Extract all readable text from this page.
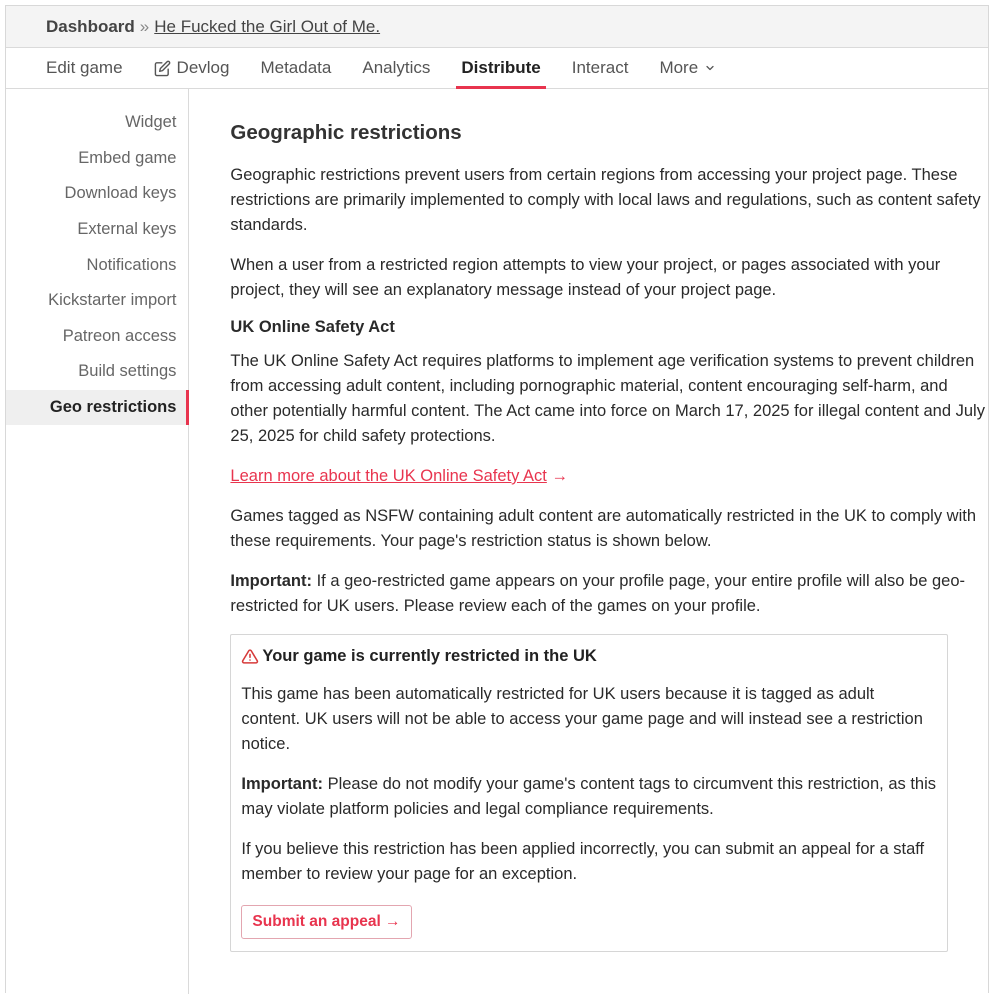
Dashboard » He Fucked the Girl Out of Me.
Edit game	Devlog Metadata Analytics Distribute Interact More
Widget
Embed game
Download keys
External keys
Notifications
Kickstarter import
Patreon access
Build settings
Geo restrictions
Geographic restrictions

Geographic restrictions prevent users from certain regions from accessing your project page. These restrictions are primarily implemented to comply with local laws and regulations, such as content safety standards.

When a user from a restricted region attempts to view your project, or pages associated with your project, they will see an explanatory message instead of your project page.

UK Online Safety Act

The UK Online Safety Act requires platforms to implement age verification systems to prevent children from accessing adult content, including pornographic material, content encouraging self-harm, and other potentially harmful content. The Act came into force on March 17, 2025 for illegal content and July 25, 2025 for child safety protections.

Learn more about the UK Online Safety Act →

Games tagged as NSFW containing adult content are automatically restricted in the UK to comply with these requirements. Your page's restriction status is shown below.

Important: If a geo-restricted game appears on your profile page, your entire profile will also be geo-restricted for UK users. Please review each of the games on your profile.

Your game is currently restricted in the UK

This game has been automatically restricted for UK users because it is tagged as adult content. UK users will not be able to access your game page and will instead see a restriction notice.

Important: Please do not modify your game's content tags to circumvent this restriction, as this may violate platform policies and legal compliance requirements.

If you believe this restriction has been applied incorrectly, you can submit an appeal for a staff member to review your page for an exception.

Submit an appeal →
